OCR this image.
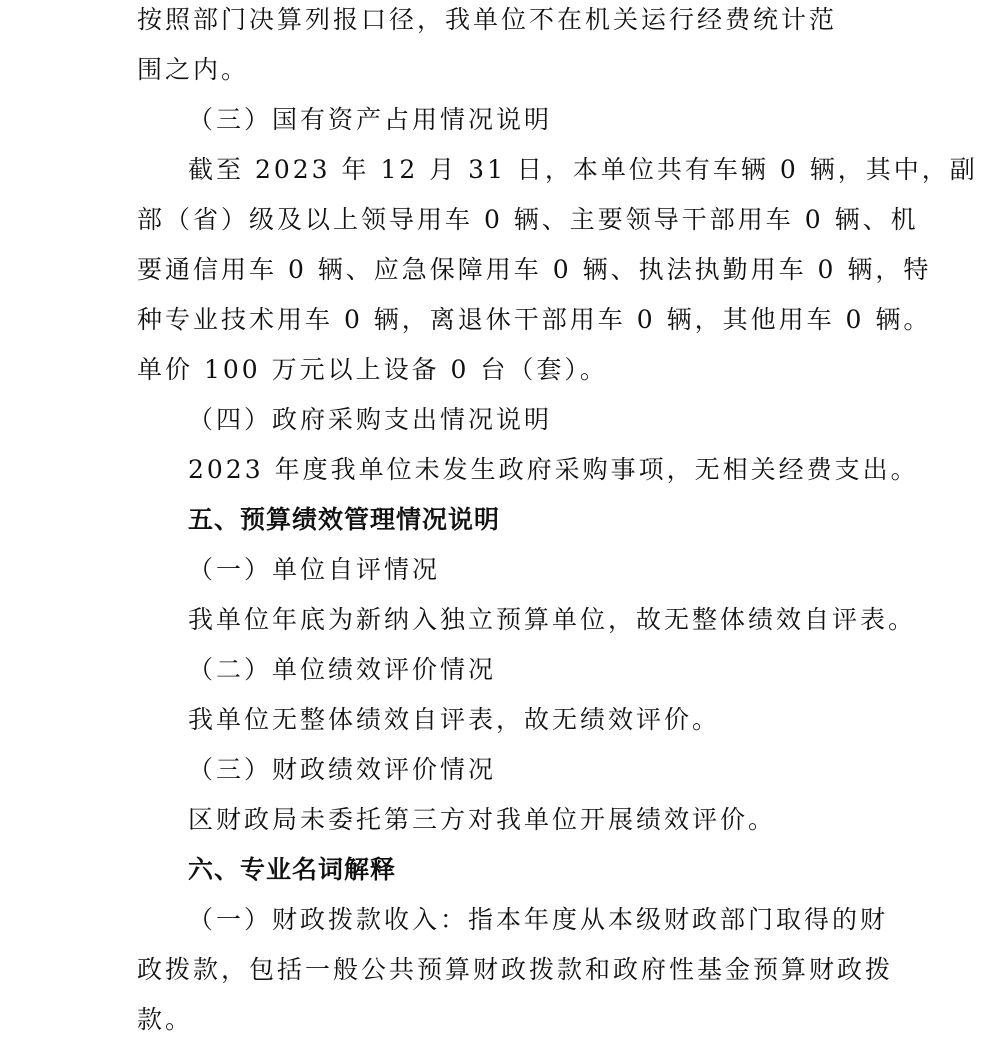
按照部门决算列报口径，我单位不在机关运行经费统计范
围之内。
（三）国有资产占用情况说明
截至 2023 年 12 月 31 日，本单位共有车辆 0 辆，其中，副
部（省）级及以上领导用车 0 辆、主要领导干部用车 0 辆、机
要通信用车 0 辆、应急保障用车 0 辆、执法执勤用车 0 辆，特
种专业技术用车 0 辆，离退休干部用车 0 辆，其他用车 0 辆。
单价 100 万元以上设备 0 台（套）。
（四）政府采购支出情况说明
2023 年度我单位未发生政府采购事项，无相关经费支出。
五、预算绩效管理情况说明
（一）单位自评情况
我单位年底为新纳入独立预算单位，故无整体绩效自评表。
（二）单位绩效评价情况
我单位无整体绩效自评表，故无绩效评价。
（三）财政绩效评价情况
区财政局未委托第三方对我单位开展绩效评价。
六、专业名词解释
（一）财政拨款收入：指本年度从本级财政部门取得的财
政拨款，包括一般公共预算财政拨款和政府性基金预算财政拨
款。
